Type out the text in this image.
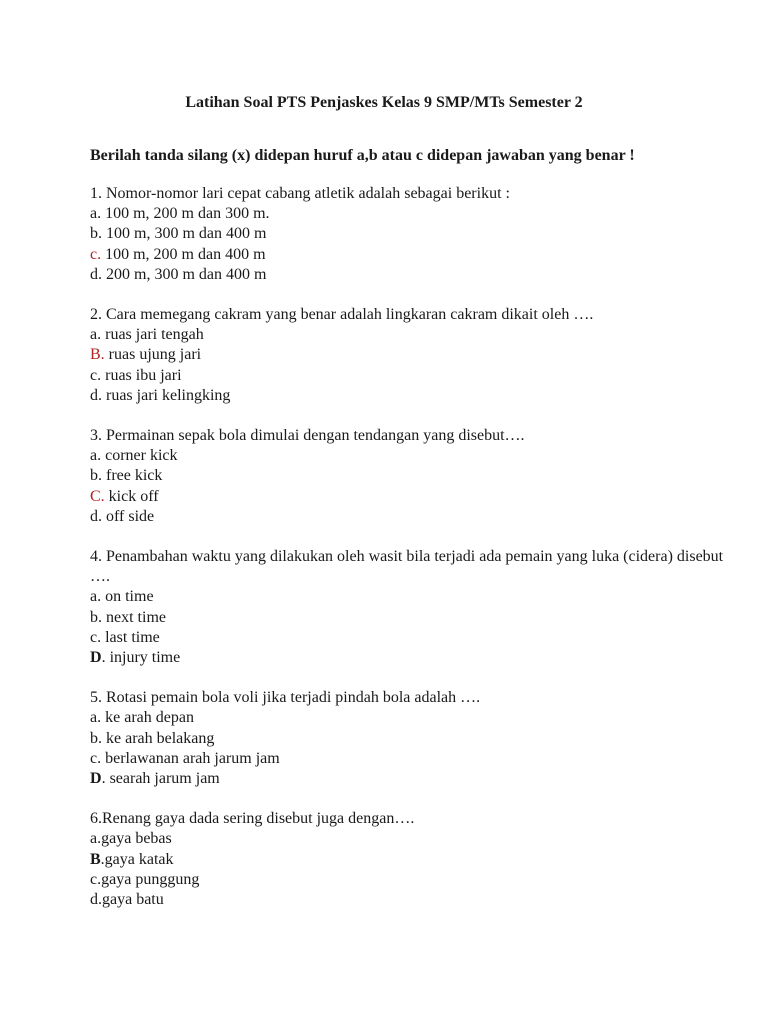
Latihan Soal PTS Penjaskes Kelas 9 SMP/MTs Semester 2
Berilah tanda silang (x) didepan huruf a,b atau c didepan jawaban yang benar !
1. Nomor-nomor lari cepat cabang atletik adalah sebagai berikut :
a. 100 m, 200 m dan 300 m.
b. 100 m, 300 m dan 400 m
c. 100 m, 200 m dan 400 m
d. 200 m, 300 m dan 400 m
2. Cara memegang cakram yang benar adalah lingkaran cakram dikait oleh ….
a. ruas jari tengah
B. ruas ujung jari
c. ruas ibu jari
d. ruas jari kelingking
3. Permainan sepak bola dimulai dengan tendangan yang disebut….
a. corner kick
b. free kick
C. kick off
d. off side
4. Penambahan waktu yang dilakukan oleh wasit bila terjadi ada pemain yang luka (cidera) disebut ….
a. on time
b. next time
c. last time
D. injury time
5. Rotasi pemain bola voli jika terjadi pindah bola adalah ….
a. ke arah depan
b. ke arah belakang
c. berlawanan arah jarum jam
D. searah jarum jam
6.Renang gaya dada sering disebut juga dengan….
a.gaya bebas
B.gaya katak
c.gaya punggung
d.gaya batu
